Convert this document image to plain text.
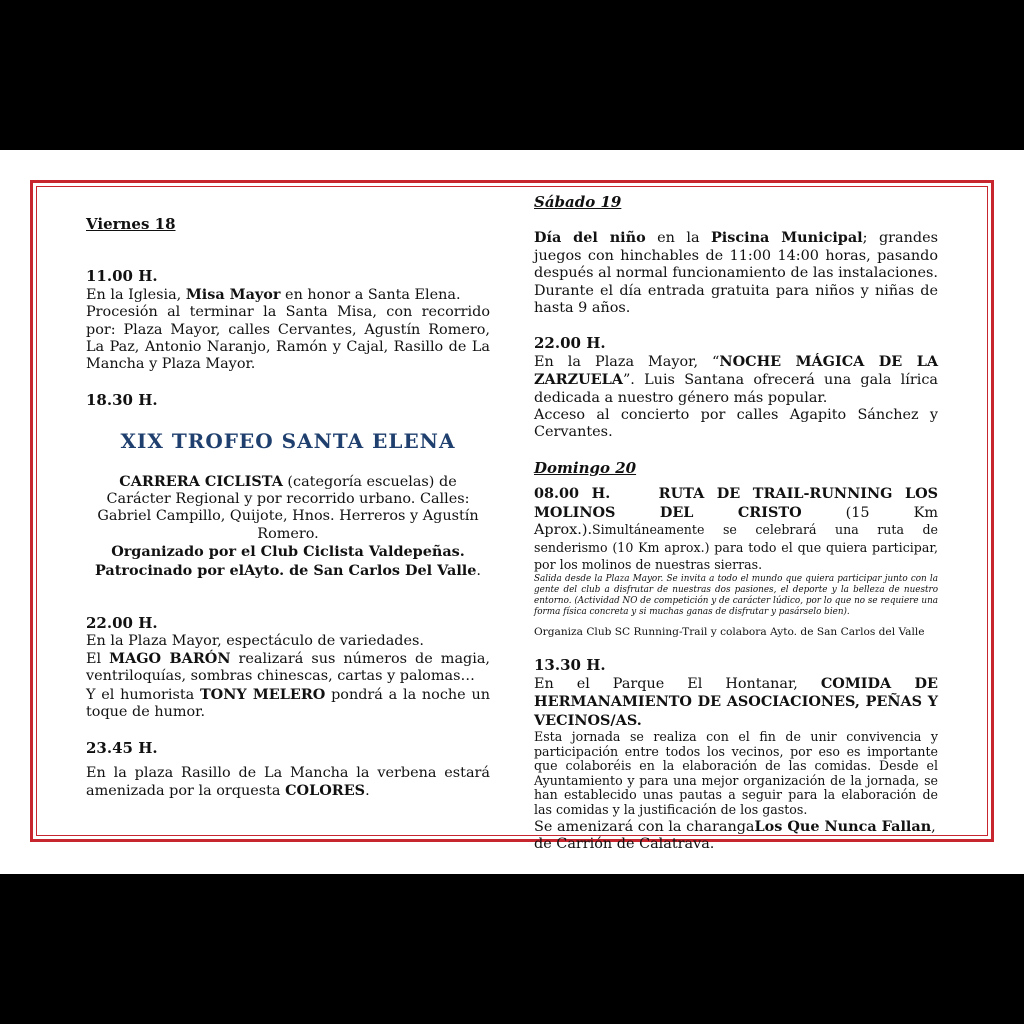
Viernes 18

11.00 H.

En la Iglesia, Misa Mayor en honor a Santa Elena.

Procesión al terminar la Santa Misa, con recorrido por: Plaza Mayor, calles Cervantes, Agustín Romero, La Paz, Antonio Naranjo, Ramón y Cajal, Rasillo de La Mancha y Plaza Mayor.

18.30 H.

XIX TROFEO SANTA ELENA

CARRERA CICLISTA (categoría escuelas) de Carácter Regional y por recorrido urbano. Calles: Gabriel Campillo, Quijote, Hnos. Herreros y Agustín Romero.

Organizado por el Club Ciclista Valdepeñas.

Patrocinado por elAyto. de San Carlos Del Valle.

22.00 H.

En la Plaza Mayor, espectáculo de variedades.

El MAGO BARÓN realizará sus números de magia, ventriloquías, sombras chinescas, cartas y palomas…

Y el humorista TONY MELERO pondrá a la noche un toque de humor.

23.45 H.

En la plaza Rasillo de La Mancha la verbena estará amenizada por la orquesta COLORES.

Sábado 19

Día del niño en la Piscina Municipal; grandes juegos con hinchables de 11:00 14:00 horas, pasando después al normal funcionamiento de las instalaciones. Durante el día entrada gratuita para niños y niñas de hasta 9 años.

22.00 H.

En la Plaza Mayor, “NOCHE MÁGICA DE LA ZARZUELA”. Luis Santana ofrecerá una gala lírica dedicada a nuestro género más popular.

Acceso al concierto por calles Agapito Sánchez y Cervantes.

Domingo 20

08.00 H.	RUTA DE TRAIL-RUNNING LOS MOLINOS DEL CRISTO (15 Km Aprox.).Simultáneamente se celebrará una ruta de senderismo (10 Km aprox.) para todo el que quiera participar, por los molinos de nuestras sierras.

Salida desde la Plaza Mayor. Se invita a todo el mundo que quiera participar junto con la gente del club a disfrutar de nuestras dos pasiones, el deporte y la belleza de nuestro entorno. (Actividad NO de competición y de carácter lúdico, por lo que no se requiere una forma física concreta y si muchas ganas de disfrutar y pasárselo bien).

Organiza Club SC Running-Trail y colabora Ayto. de San Carlos del Valle

13.30 H.

En el Parque El Hontanar, COMIDA DE HERMANAMIENTO DE ASOCIACIONES, PEÑAS Y VECINOS/AS.

Esta jornada se realiza con el fin de unir convivencia y participación entre todos los vecinos, por eso es importante que colaboréis en la elaboración de las comidas. Desde el Ayuntamiento y para una mejor organización de la jornada, se han establecido unas pautas a seguir para la elaboración de las comidas y la justificación de los gastos.

Se amenizará con la charangaLos Que Nunca Fallan,

de Carrión de Calatrava.
